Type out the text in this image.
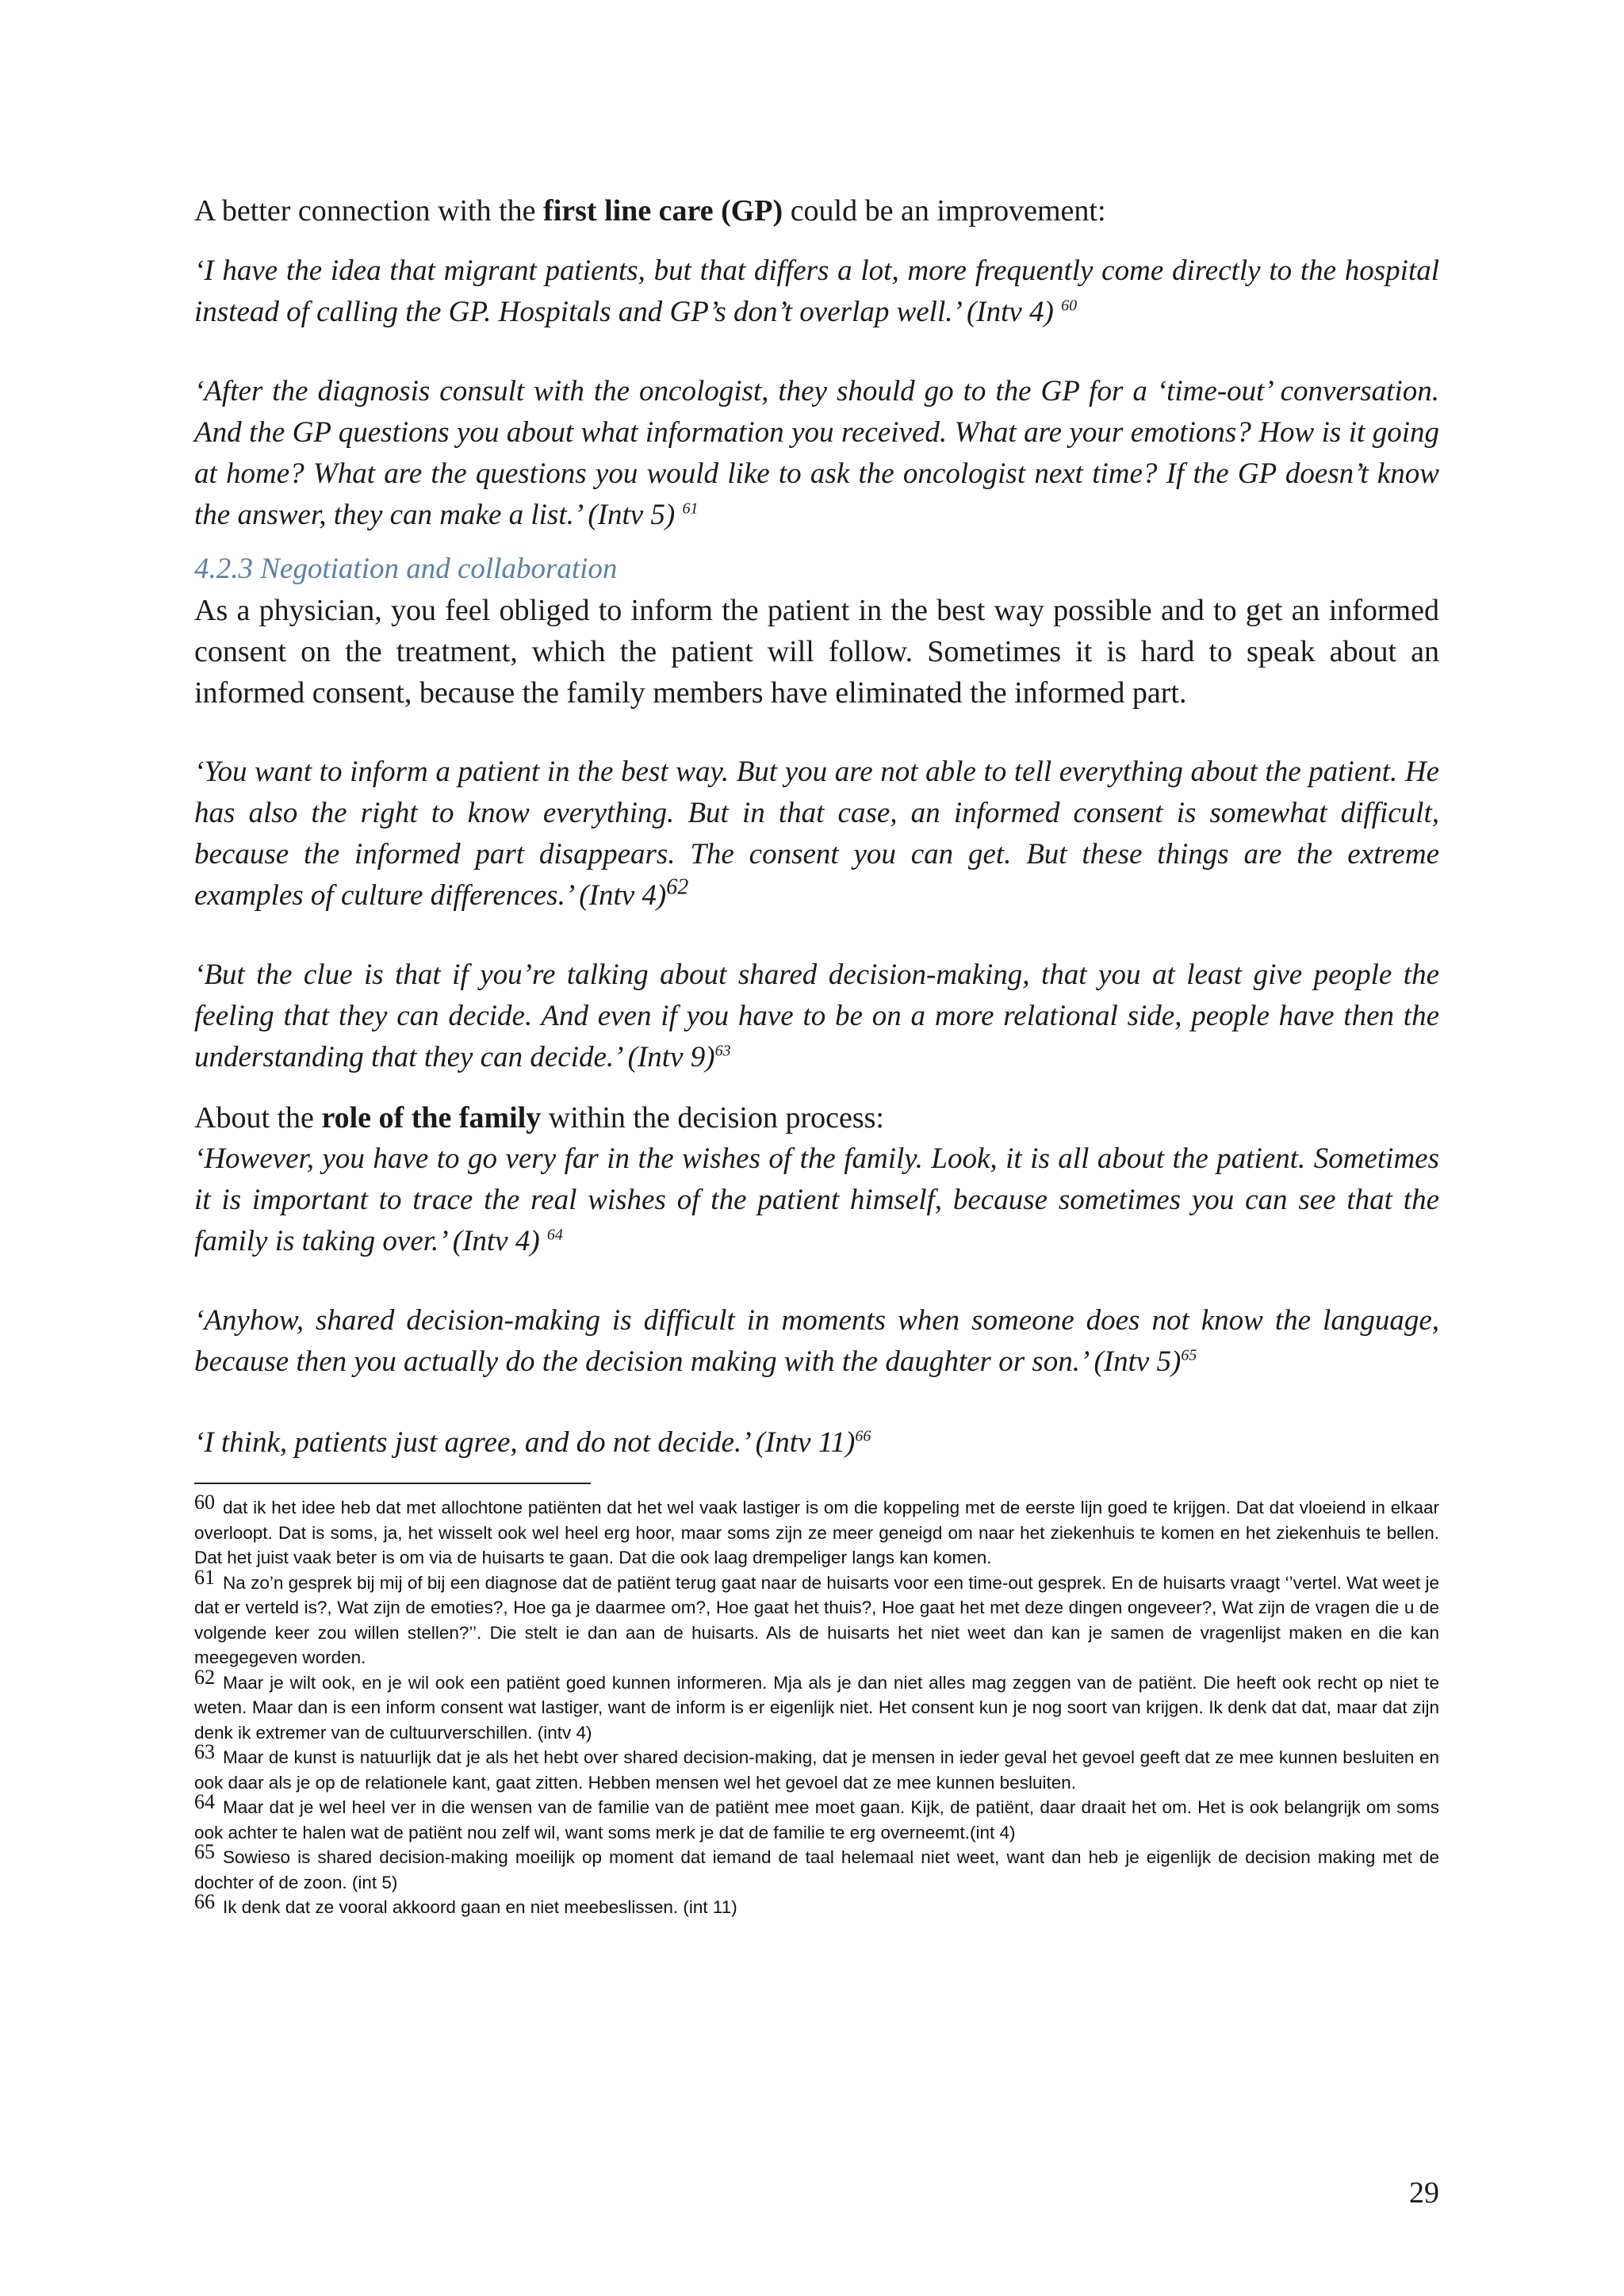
A better connection with the first line care (GP) could be an improvement:

‘I have the idea that migrant patients, but that differs a lot, more frequently come directly to the hospital instead of calling the GP. Hospitals and GP’s don’t overlap well.’ (Intv 4) $^{60}$

‘After the diagnosis consult with the oncologist, they should go to the GP for a ‘time-out’ conversation. And the GP questions you about what information you received. What are your emotions? How is it going at home? What are the questions you would like to ask the oncologist next time? If the GP doesn’t know the answer, they can make a list.’ (Intv 5) $^{61}$

4.2.3 Negotiation and collaboration

As a physician, you feel obliged to inform the patient in the best way possible and to get an informed consent on the treatment, which the patient will follow. Sometimes it is hard to speak about an informed consent, because the family members have eliminated the informed part.

‘You want to inform a patient in the best way. But you are not able to tell everything about the patient. He has also the right to know everything. But in that case, an informed consent is somewhat difficult, because the informed part disappears. The consent you can get. But these things are the extreme examples of culture differences.’ (Intv 4)$^{62}$

‘But the clue is that if you’re talking about shared decision-making, that you at least give people the feeling that they can decide. And even if you have to be on a more relational side, people have then the understanding that they can decide.’ (Intv 9)$^{63}$

About the role of the family within the decision process:

‘However, you have to go very far in the wishes of the family. Look, it is all about the patient. Sometimes it is important to trace the real wishes of the patient himself, because sometimes you can see that the family is taking over.’ (Intv 4) $^{64}$

‘Anyhow, shared decision-making is difficult in moments when someone does not know the language, because then you actually do the decision making with the daughter or son.’ (Intv 5)$^{65}$

‘I think, patients just agree, and do not decide.’ (Intv 11)$^{66}$

60 dat ik het idee heb dat met allochtone patiënten dat het wel vaak lastiger is om die koppeling met de eerste lijn goed te krijgen. Dat dat vloeiend in elkaar overloopt. Dat is soms, ja, het wisselt ook wel heel erg hoor, maar soms zijn ze meer geneigd om naar het ziekenhuis te komen en het ziekenhuis te bellen. Dat het juist vaak beter is om via de huisarts te gaan. Dat die ook laag drempeliger langs kan komen.

61 Na zo’n gesprek bij mij of bij een diagnose dat de patiënt terug gaat naar de huisarts voor een time-out gesprek. En de huisarts vraagt ‘’vertel. Wat weet je dat er verteld is?, Wat zijn de emoties?, Hoe ga je daarmee om?, Hoe gaat het thuis?, Hoe gaat het met deze dingen ongeveer?, Wat zijn de vragen die u de volgende keer zou willen stellen?’’. Die stelt ie dan aan de huisarts. Als de huisarts het niet weet dan kan je samen de vragenlijst maken en die kan meegegeven worden.

62 Maar je wilt ook, en je wil ook een patiënt goed kunnen informeren. Mja als je dan niet alles mag zeggen van de patiënt. Die heeft ook recht op niet te weten. Maar dan is een inform consent wat lastiger, want de inform is er eigenlijk niet. Het consent kun je nog soort van krijgen. Ik denk dat dat, maar dat zijn denk ik extremer van de cultuurverschillen. (intv 4)

63 Maar de kunst is natuurlijk dat je als het hebt over shared decision-making, dat je mensen in ieder geval het gevoel geeft dat ze mee kunnen besluiten en ook daar als je op de relationele kant, gaat zitten. Hebben mensen wel het gevoel dat ze mee kunnen besluiten.

64 Maar dat je wel heel ver in die wensen van de familie van de patiënt mee moet gaan. Kijk, de patiënt, daar draait het om. Het is ook belangrijk om soms ook achter te halen wat de patiënt nou zelf wil, want soms merk je dat de familie te erg overneemt.(int 4)

65 Sowieso is shared decision-making moeilijk op moment dat iemand de taal helemaal niet weet, want dan heb je eigenlijk de decision making met de dochter of de zoon. (int 5)

66 Ik denk dat ze vooral akkoord gaan en niet meebeslissen. (int 11)

29
